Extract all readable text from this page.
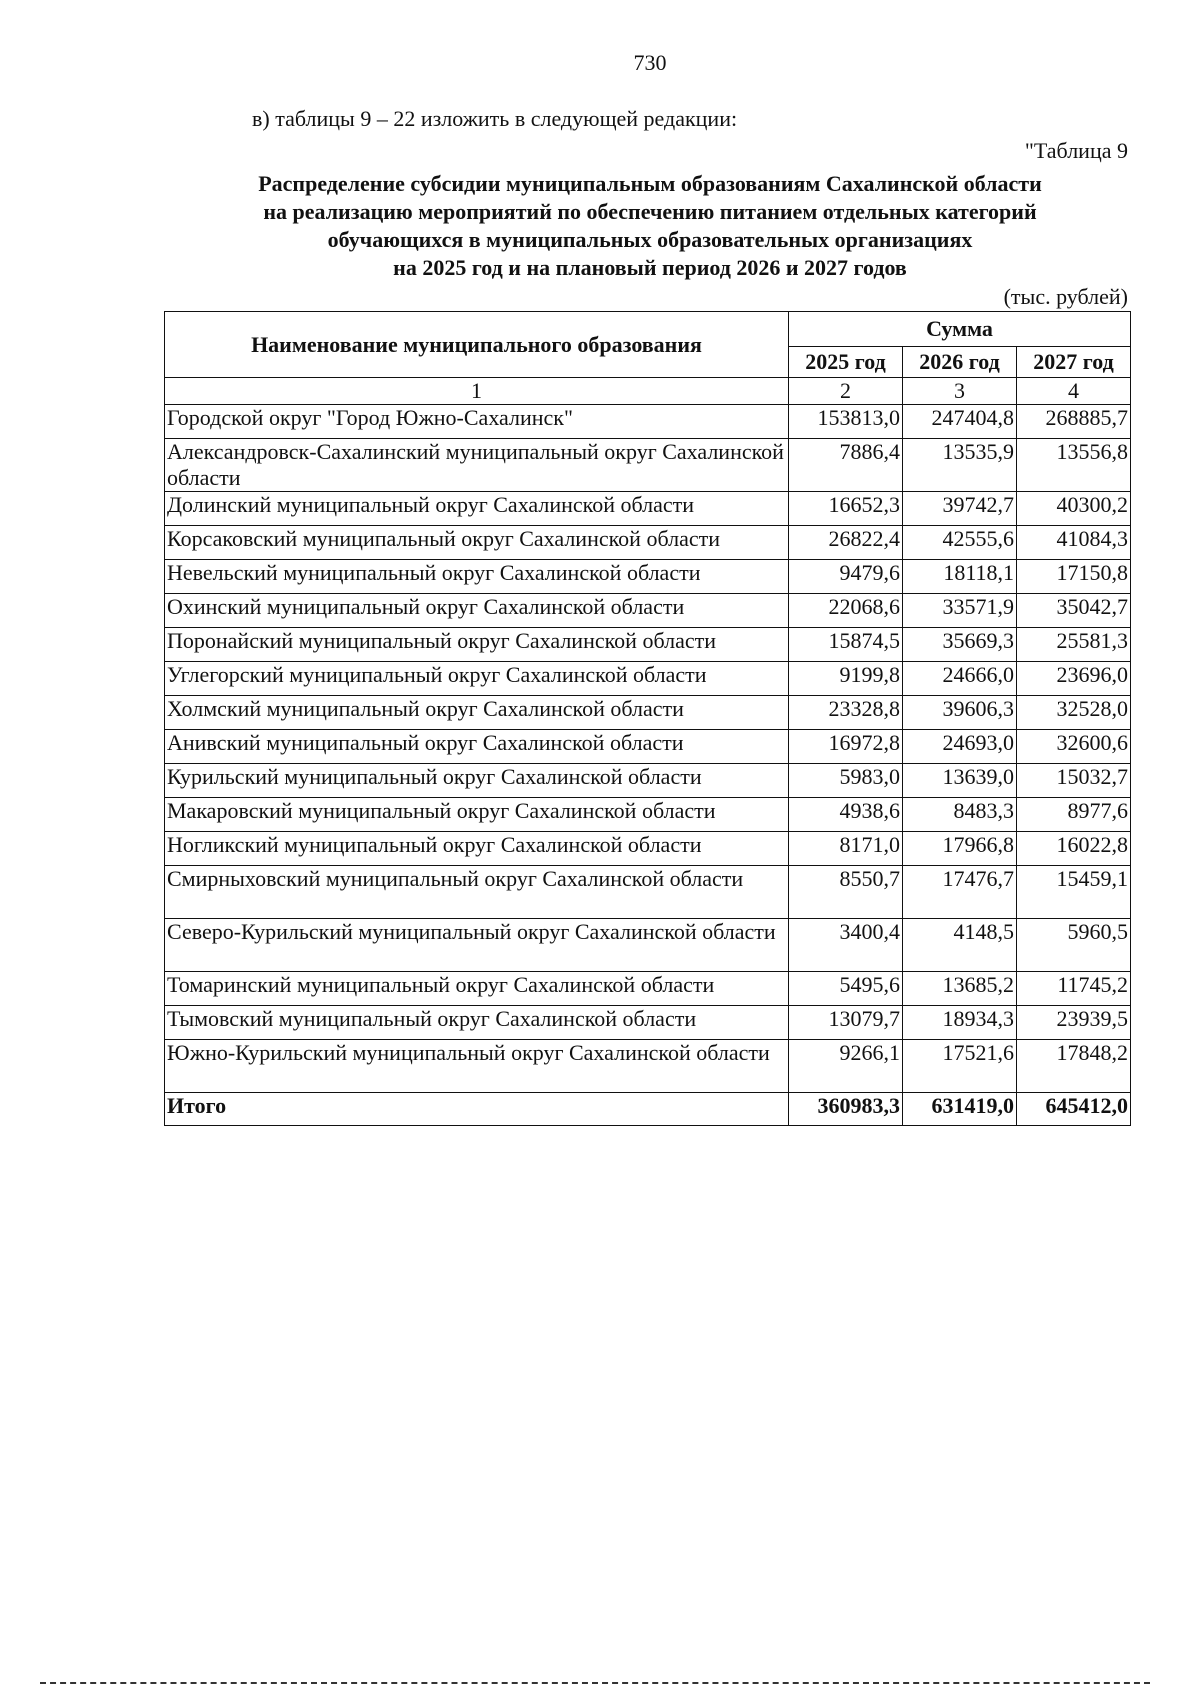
730
в) таблицы 9 – 22 изложить в следующей редакции:
"Таблица 9
Распределение субсидии муниципальным образованиям Сахалинской области
на реализацию мероприятий по обеспечению питанием отдельных категорий
обучающихся в муниципальных образовательных организациях
на 2025 год и на плановый период 2026 и 2027 годов
(тыс. рублей)
Наименование муниципального образования	Сумма		
	2025 год	2026 год	2027 год
1	2	3	4
Городской округ "Город Южно-Сахалинск"	153813,0	247404,8	268885,7
Александровск-Сахалинский муниципальный округ Сахалинской области	7886,4	13535,9	13556,8
Долинский муниципальный округ Сахалинской области	16652,3	39742,7	40300,2
Корсаковский муниципальный округ Сахалинской области	26822,4	42555,6	41084,3
Невельский муниципальный округ Сахалинской области	9479,6	18118,1	17150,8
Охинский муниципальный округ Сахалинской области	22068,6	33571,9	35042,7
Поронайский муниципальный округ Сахалинской области	15874,5	35669,3	25581,3
Углегорский муниципальный округ Сахалинской области	9199,8	24666,0	23696,0
Холмский муниципальный округ Сахалинской области	23328,8	39606,3	32528,0
Анивский муниципальный округ Сахалинской области	16972,8	24693,0	32600,6
Курильский муниципальный округ Сахалинской области	5983,0	13639,0	15032,7
Макаровский муниципальный округ Сахалинской области	4938,6	8483,3	8977,6
Ногликский муниципальный округ Сахалинской области	8171,0	17966,8	16022,8
Смирныховский муниципальный округ Сахалинской области	8550,7	17476,7	15459,1
Северо-Курильский муниципальный округ Сахалинской области	3400,4	4148,5	5960,5
Томаринский муниципальный округ Сахалинской области	5495,6	13685,2	11745,2
Тымовский муниципальный округ Сахалинской области	13079,7	18934,3	23939,5
Южно-Курильский муниципальный округ Сахалинской области	9266,1	17521,6	17848,2
Итого	360983,3	631419,0	645412,0
